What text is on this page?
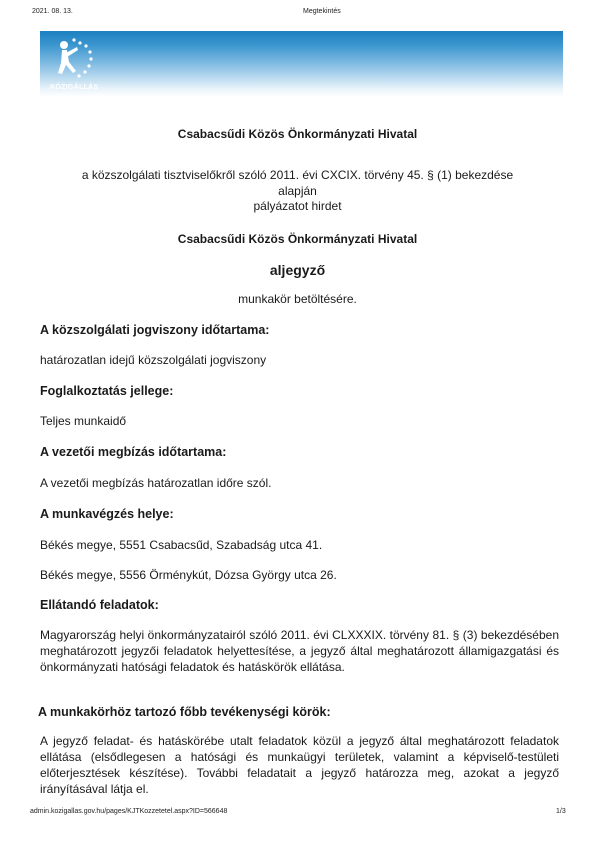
2021. 08. 13.	Megtekintés
KÖZIGÁLLÁS
Csabacsűdi Közös Önkormányzati Hivatal
a közszolgálati tisztviselőkről szóló 2011. évi CXCIX. törvény 45. § (1) bekezdése
alapján
pályázatot hirdet
Csabacsűdi Közös Önkormányzati Hivatal
aljegyző
munkakör betöltésére.
A közszolgálati jogviszony időtartama:
határozatlan idejű közszolgálati jogviszony
Foglalkoztatás jellege:
Teljes munkaidő
A vezetői megbízás időtartama:
A vezetői megbízás határozatlan időre szól.
A munkavégzés helye:
Békés megye, 5551 Csabacsűd, Szabadság utca 41.
Békés megye, 5556 Örménykút, Dózsa György utca 26.
Ellátandó feladatok:
Magyarország helyi önkormányzatairól szóló 2011. évi CLXXXIX. törvény 81. § (3) bekezdésében meghatározott jegyzői feladatok helyettesítése, a jegyző által meghatározott államigazgatási és önkormányzati hatósági feladatok és hatáskörök ellátása.
A munkakörhöz tartozó főbb tevékenységi körök:
A jegyző feladat- és hatáskörébe utalt feladatok közül a jegyző által meghatározott feladatok ellátása (elsődlegesen a hatósági és munkaügyi területek, valamint a képviselő-testületi előterjesztések készítése). További feladatait a jegyző határozza meg, azokat a jegyző irányításával látja el.
admin.kozigallas.gov.hu/pages/KJTKozzetetel.aspx?ID=566648	1/3
